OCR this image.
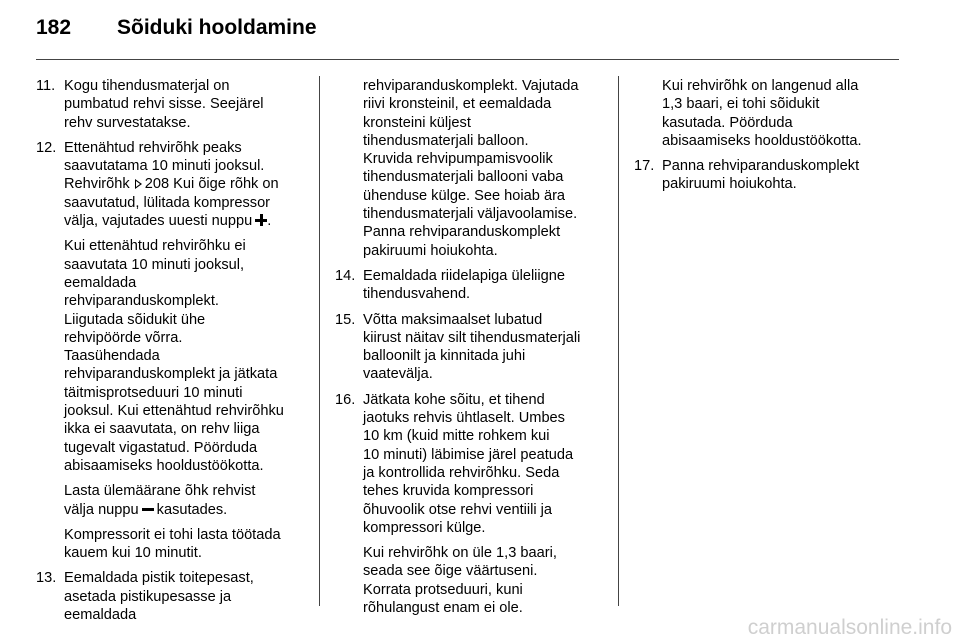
182 Sõiduki hooldamine
11. Kogu tihendusmaterjal on
pumbatud rehvi sisse. Seejärel
rehv survestatakse.
12. Ettenähtud rehvirõhk peaks
saavutatama 10 minuti jooksul.
Rehvirõhk 208 Kui õige rõhk on
saavutatud, lülitada kompressor
välja, vajutades uuesti nuppu .
Kui ettenähtud rehvirõhku ei
saavutata 10 minuti jooksul,
eemaldada
rehviparanduskomplekt.
Liigutada sõidukit ühe
rehvipöörde võrra.
Taasühendada
rehviparanduskomplekt ja jätkata
täitmisprotseduuri 10 minuti
jooksul. Kui ettenähtud rehvirõhku
ikka ei saavutata, on rehv liiga
tugevalt vigastatud. Pöörduda
abisaamiseks hooldustöökotta.
Lasta ülemäärane õhk rehvist
välja nuppu kasutades.
Kompressorit ei tohi lasta töötada
kauem kui 10 minutit.
13. Eemaldada pistik toitepesast,
asetada pistikupesasse ja
eemaldada
rehviparanduskomplekt. Vajutada
riivi kronsteinil, et eemaldada
kronsteini küljest
tihendusmaterjali balloon.
Kruvida rehvipumpamisvoolik
tihendusmaterjali ballooni vaba
ühenduse külge. See hoiab ära
tihendusmaterjali väljavoolamise.
Panna rehviparanduskomplekt
pakiruumi hoiukohta.
14. Eemaldada riidelapiga üleliigne
tihendusvahend.
15. Võtta maksimaalset lubatud
kiirust näitav silt tihendusmaterjali
balloonilt ja kinnitada juhi
vaatevälja.
16. Jätkata kohe sõitu, et tihend
jaotuks rehvis ühtlaselt. Umbes
10 km (kuid mitte rohkem kui
10 minuti) läbimise järel peatuda
ja kontrollida rehvirõhku. Seda
tehes kruvida kompressori
õhuvoolik otse rehvi ventiili ja
kompressori külge.
Kui rehvirõhk on üle 1,3 baari,
seada see õige väärtuseni.
Korrata protseduuri, kuni
rõhulangust enam ei ole.
Kui rehvirõhk on langenud alla
1,3 baari, ei tohi sõidukit
kasutada. Pöörduda
abisaamiseks hooldustöökotta.
17. Panna rehviparanduskomplekt
pakiruumi hoiukohta.
carmanualsonline.info
